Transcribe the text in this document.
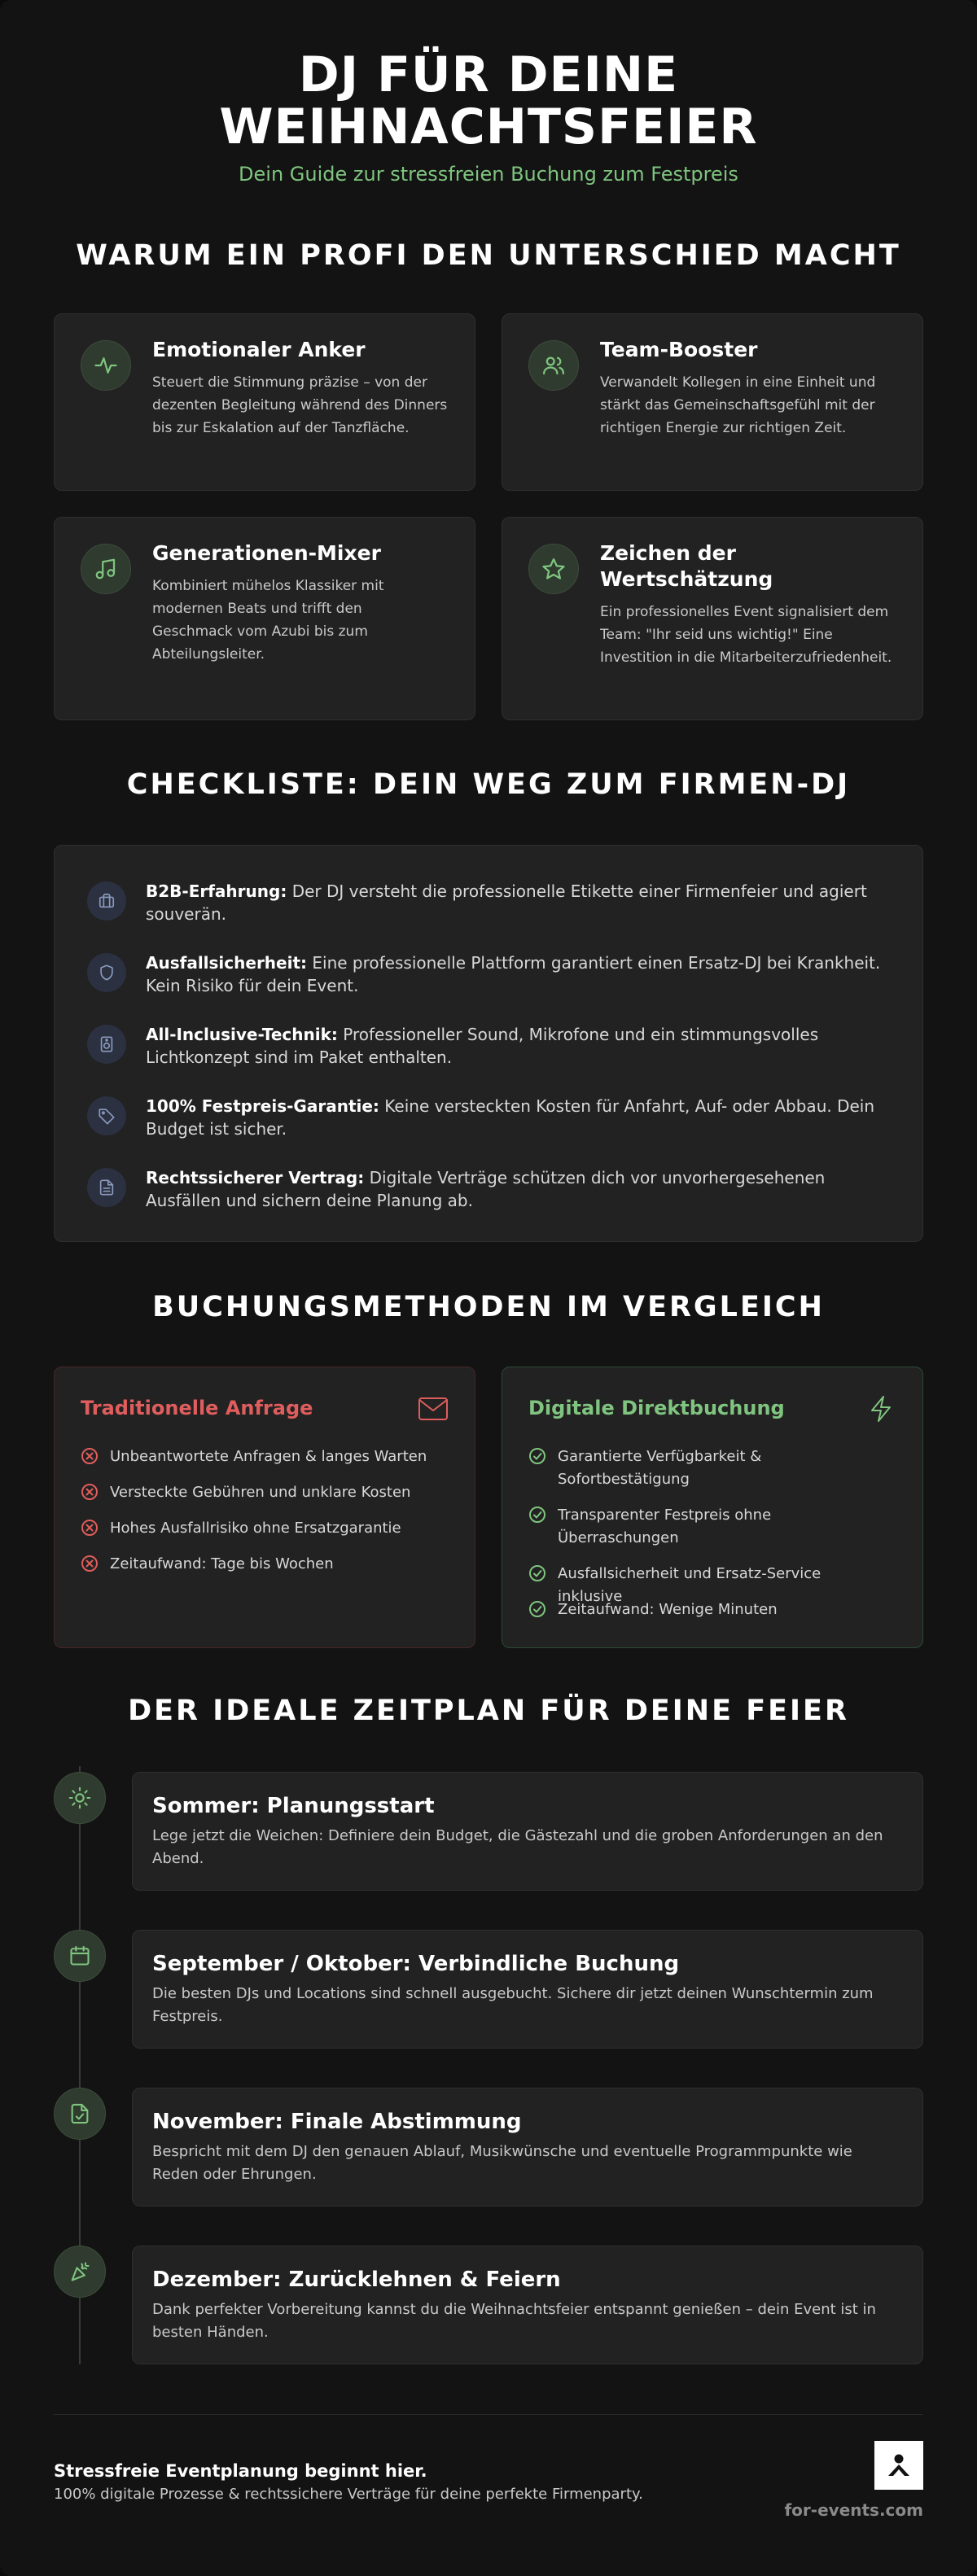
DJ FÜR DEINE
WEIHNACHTSFEIER
Dein Guide zur stressfreien Buchung zum Festpreis
WARUM EIN PROFI DEN UNTERSCHIED MACHT
Emotionaler Anker
Steuert die Stimmung präzise – von der dezenten Begleitung während des Dinners bis zur Eskalation auf der Tanzfläche.
Team-Booster
Verwandelt Kollegen in eine Einheit und stärkt das Gemeinschaftsgefühl mit der richtigen Energie zur richtigen Zeit.
Generationen-Mixer
Kombiniert mühelos Klassiker mit modernen Beats und trifft den Geschmack vom Azubi bis zum Abteilungsleiter.
Zeichen der Wertschätzung
Ein professionelles Event signalisiert dem Team: "Ihr seid uns wichtig!" Eine Investition in die Mitarbeiterzufriedenheit.
CHECKLISTE: DEIN WEG ZUM FIRMEN-DJ
B2B-Erfahrung: Der DJ versteht die professionelle Etikette einer Firmenfeier und agiert souverän.
Ausfallsicherheit: Eine professionelle Plattform garantiert einen Ersatz-DJ bei Krankheit. Kein Risiko für dein Event.
All-Inclusive-Technik: Professioneller Sound, Mikrofone und ein stimmungsvolles Lichtkonzept sind im Paket enthalten.
100% Festpreis-Garantie: Keine versteckten Kosten für Anfahrt, Auf- oder Abbau. Dein Budget ist sicher.
Rechtssicherer Vertrag: Digitale Verträge schützen dich vor unvorhergesehenen Ausfällen und sichern deine Planung ab.
BUCHUNGSMETHODEN IM VERGLEICH
Traditionelle Anfrage
Unbeantwortete Anfragen & langes Warten
Versteckte Gebühren und unklare Kosten
Hohes Ausfallrisiko ohne Ersatzgarantie
Zeitaufwand: Tage bis Wochen
Digitale Direktbuchung
Garantierte Verfügbarkeit & Sofortbestätigung
Transparenter Festpreis ohne Überraschungen
Ausfallsicherheit und Ersatz-Service inklusive
Zeitaufwand: Wenige Minuten
DER IDEALE ZEITPLAN FÜR DEINE FEIER
Sommer: Planungsstart
Lege jetzt die Weichen: Definiere dein Budget, die Gästezahl und die groben Anforderungen an den Abend.
September / Oktober: Verbindliche Buchung
Die besten DJs und Locations sind schnell ausgebucht. Sichere dir jetzt deinen Wunschtermin zum Festpreis.
November: Finale Abstimmung
Bespricht mit dem DJ den genauen Ablauf, Musikwünsche und eventuelle Programmpunkte wie Reden oder Ehrungen.
Dezember: Zurücklehnen & Feiern
Dank perfekter Vorbereitung kannst du die Weihnachtsfeier entspannt genießen – dein Event ist in besten Händen.
Stressfreie Eventplanung beginnt hier.
100% digitale Prozesse & rechtssichere Verträge für deine perfekte Firmenparty.
for-events.com
